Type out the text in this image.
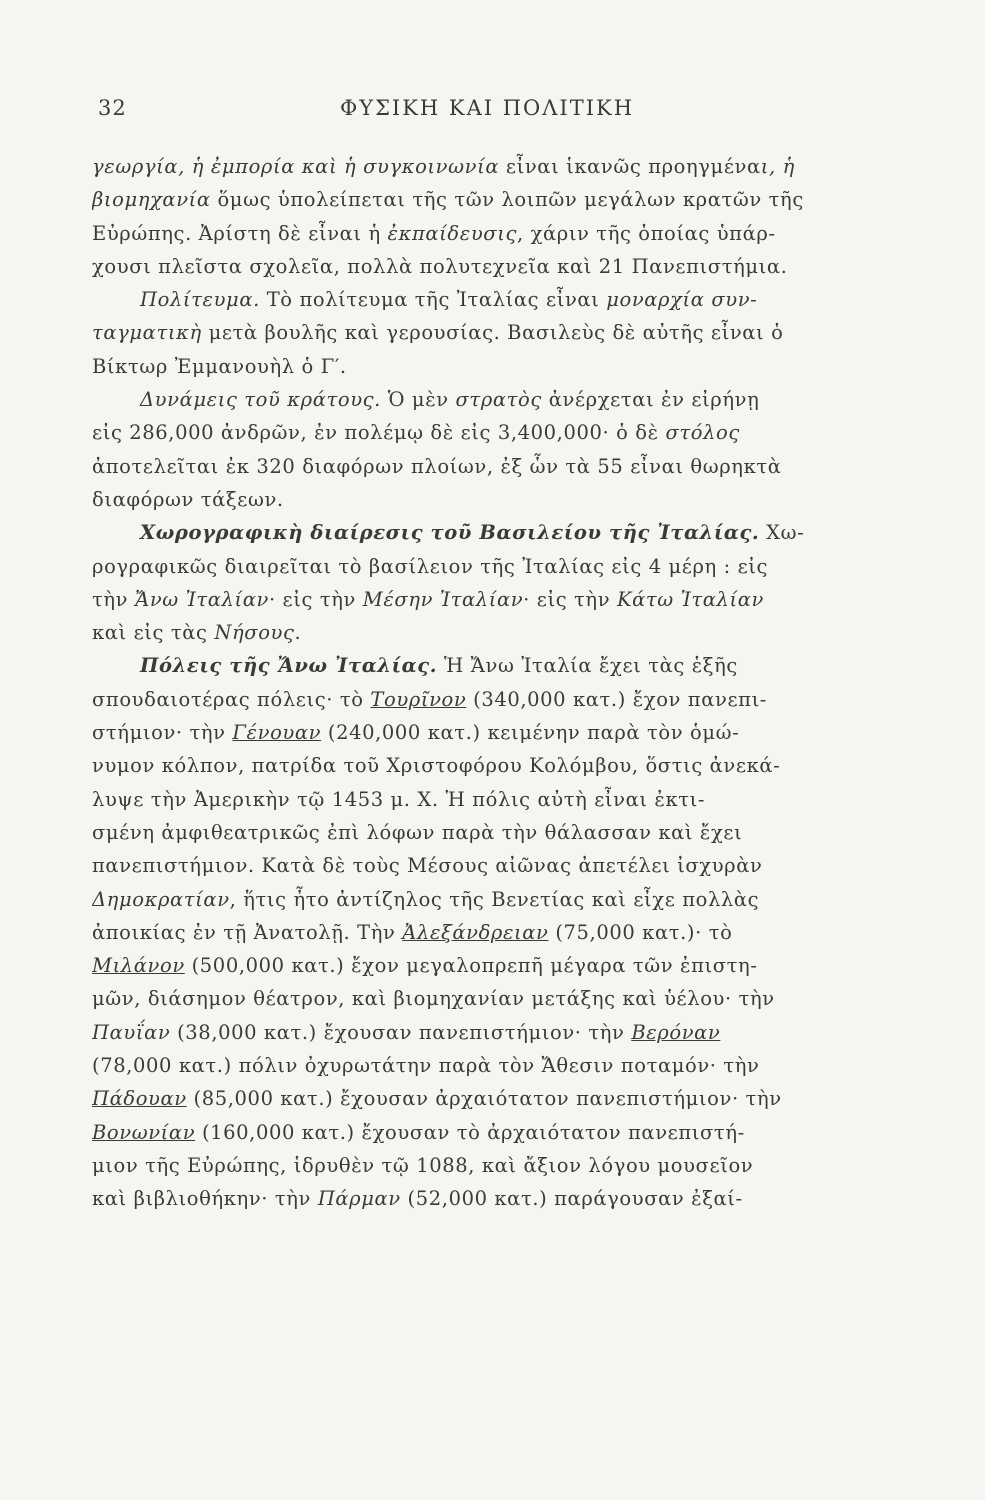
32	ΦΥΣΙΚΗ ΚΑΙ ΠΟΛΙΤΙΚΗ
γεωργία, ἡ ἐμπορία καὶ ἡ συγκοινωνία εἶναι ἱκανῶς προηγμέναι, ἡ
βιομηχανία ὅμως ὑπολείπεται τῆς τῶν λοιπῶν μεγάλων κρατῶν τῆς
Εὐρώπης. Ἀρίστη δὲ εἶναι ἡ ἐκπαίδευσις, χάριν τῆς ὁποίας ὑπάρ-
χουσι πλεῖστα σχολεῖα, πολλὰ πολυτεχνεῖα καὶ 21 Πανεπιστήμια.
Πολίτευμα. Τὸ πολίτευμα τῆς Ἰταλίας εἶναι μοναρχία συν-
ταγματικὴ μετὰ βουλῆς καὶ γερουσίας. Βασιλεὺς δὲ αὐτῆς εἶναι ὁ
Βίκτωρ Ἐμμανουὴλ ὁ Γ′.
Δυνάμεις τοῦ κράτους. Ὁ μὲν στρατὸς ἀνέρχεται ἐν εἰρήνῃ
εἰς 286,000 ἀνδρῶν, ἐν πολέμῳ δὲ εἰς 3,400,000· ὁ δὲ στόλος
ἀποτελεῖται ἐκ 320 διαφόρων πλοίων, ἐξ ὧν τὰ 55 εἶναι θωρηκτὰ
διαφόρων τάξεων.
Χωρογραφικὴ διαίρεσις τοῦ Βασιλείου τῆς Ἰταλίας. Χω-
ρογραφικῶς διαιρεῖται τὸ βασίλειον τῆς Ἰταλίας εἰς 4 μέρη : εἰς
τὴν Ἄνω Ἰταλίαν· εἰς τὴν Μέσην Ἰταλίαν· εἰς τὴν Κάτω Ἰταλίαν
καὶ εἰς τὰς Νήσους.
Πόλεις τῆς Ἄνω Ἰταλίας. Ἡ Ἄνω Ἰταλία ἔχει τὰς ἑξῆς
σπουδαιοτέρας πόλεις· τὸ Τουρῖνον (340,000 κατ.) ἔχον πανεπι-
στήμιον· τὴν Γένουαν (240,000 κατ.) κειμένην παρὰ τὸν ὁμώ-
νυμον κόλπον, πατρίδα τοῦ Χριστοφόρου Κολόμβου, ὅστις ἀνεκά-
λυψε τὴν Ἀμερικὴν τῷ 1453 μ. Χ. Ἡ πόλις αὐτὴ εἶναι ἐκτι-
σμένη ἀμφιθεατρικῶς ἐπὶ λόφων παρὰ τὴν θάλασσαν καὶ ἔχει
πανεπιστήμιον. Κατὰ δὲ τοὺς Μέσους αἰῶνας ἀπετέλει ἰσχυρὰν
Δημοκρατίαν, ἥτις ἦτο ἀντίζηλος τῆς Βενετίας καὶ εἶχε πολλὰς
ἀποικίας ἐν τῇ Ἀνατολῇ. Τὴν Ἀλεξάνδρειαν (75,000 κατ.)· τὸ
Μιλάνον (500,000 κατ.) ἔχον μεγαλοπρεπῆ μέγαρα τῶν ἐπιστη-
μῶν, διάσημον θέατρον, καὶ βιομηχανίαν μετάξης καὶ ὑέλου· τὴν
Παυΐαν (38,000 κατ.) ἔχουσαν πανεπιστήμιον· τὴν Βερόναν
(78,000 κατ.) πόλιν ὀχυρωτάτην παρὰ τὸν Ἄθεσιν ποταμόν· τὴν
Πάδουαν (85,000 κατ.) ἔχουσαν ἀρχαιότατον πανεπιστήμιον· τὴν
Βονωνίαν (160,000 κατ.) ἔχουσαν τὸ ἀρχαιότατον πανεπιστή-
μιον τῆς Εὐρώπης, ἱδρυθὲν τῷ 1088, καὶ ἄξιον λόγου μουσεῖον
καὶ βιβλιοθήκην· τὴν Πάρμαν (52,000 κατ.) παράγουσαν ἐξαί-
